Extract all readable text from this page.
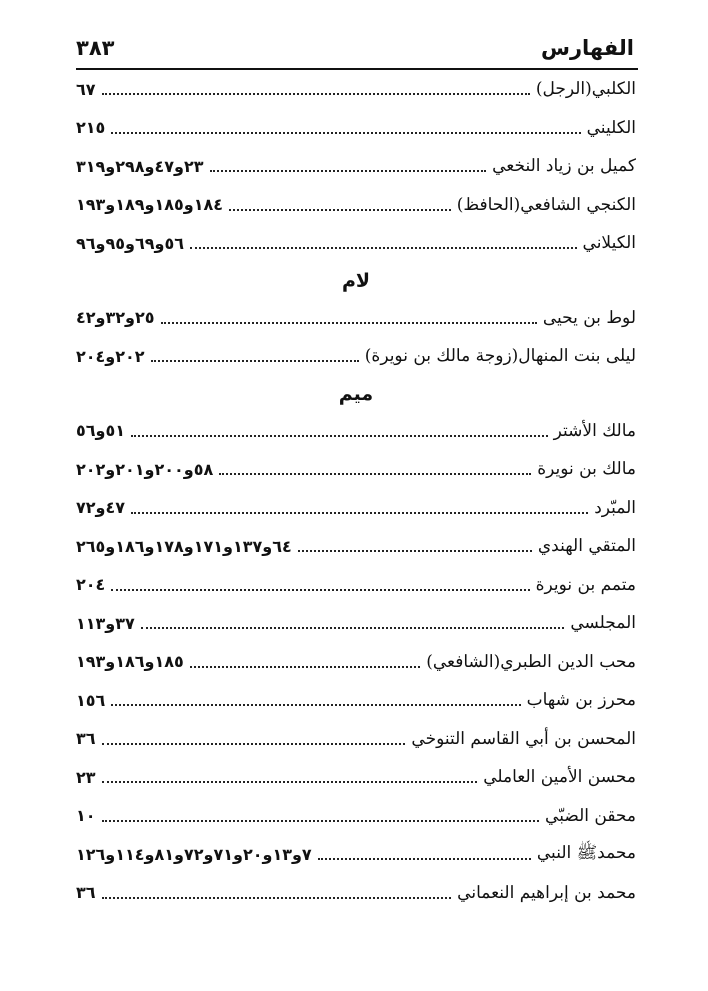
الفهارس
٣٨٣
الكلبي(الرجل)
٦٧
الكليني
٢١٥
كميل بن زياد النخعي
٢٣و٤٧و٢٩٨و٣١٩
الكنجي الشافعي(الحافظ)
١٨٤و١٨٥و١٨٩و١٩٣
الكيلاني
٥٦و٦٩و٩٥و٩٦
لام
لوط بن يحيى
٢٥و٣٢و٤٢
ليلى بنت المنهال(زوجة مالك بن نويرة)
٢٠٢و٢٠٤
ميم
مالك الأشتر
٥١و٥٦
مالك بن نويرة
٥٨و٢٠٠و٢٠١و٢٠٢
المبّرد
٤٧و٧٢
المتقي الهندي
٦٤و١٣٧و١٧١و١٧٨و١٨٦و٢٦٥
متمم بن نويرة
٢٠٤
المجلسي
٣٧و١١٣
محب الدين الطبري(الشافعي)
١٨٥و١٨٦و١٩٣
محرز بن شهاب
١٥٦
المحسن بن أبي القاسم التنوخي
٣٦
محسن الأمين العاملي
٢٣
محقن الضبّي
١٠
محمدﷺ النبي
٧و١٣و٢٠و٧١و٧٢و٨١و١١٤و١٢٦
محمد بن إبراهيم النعماني
٣٦
